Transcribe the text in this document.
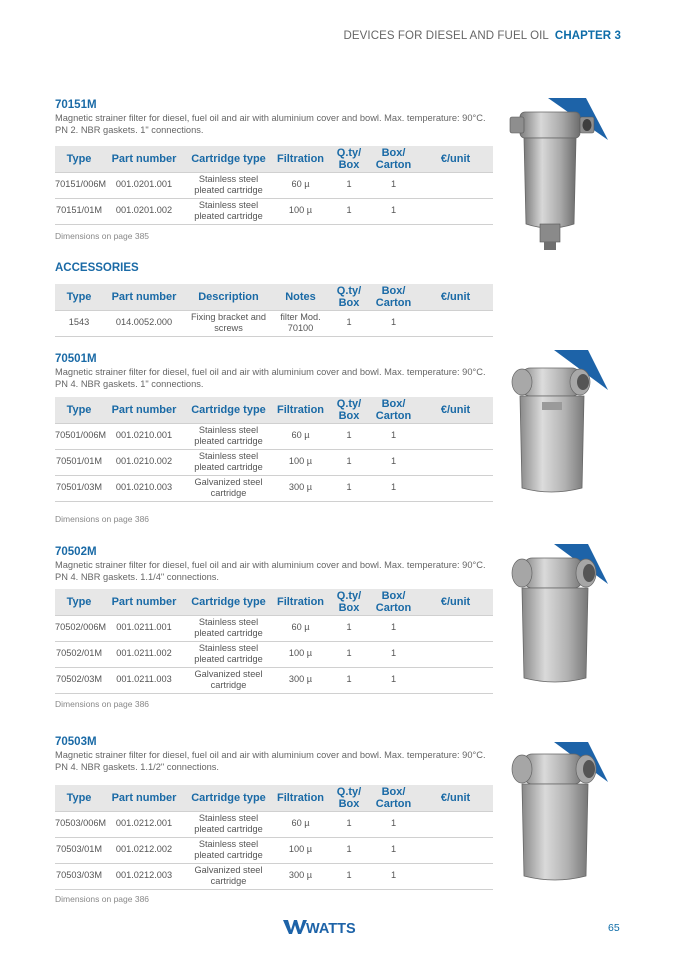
DEVICES FOR DIESEL AND FUEL OIL CHAPTER 3
70151M
Magnetic strainer filter for diesel, fuel oil and air with aluminium cover and bowl. Max. temperature: 90°C. PN 2. NBR gaskets. 1" connections.
Type	Part number	Cartridge type	Filtration	Q.ty/ Box	Box/ Carton	€/unit
70151/006M	001.0201.001	Stainless steel pleated cartridge	60 µ	1	1	
70151/01M	001.0201.002	Stainless steel pleated cartridge	100 µ	1	1	
Dimensions on page 385
ACCESSORIES
Type	Part number	Description	Notes	Q.ty/ Box	Box/ Carton	€/unit
1543	014.0052.000	Fixing bracket and screws	filter Mod. 70100	1	1	
70501M
Magnetic strainer filter for diesel, fuel oil and air with aluminium cover and bowl. Max. temperature: 90°C. PN 4. NBR gaskets. 1" connections.
Type	Part number	Cartridge type	Filtration	Q.ty/ Box	Box/ Carton	€/unit
70501/006M	001.0210.001	Stainless steel pleated cartridge	60 µ	1	1	
70501/01M	001.0210.002	Stainless steel pleated cartridge	100 µ	1	1	
70501/03M	001.0210.003	Galvanized steel cartridge	300 µ	1	1	
Dimensions on page 386
70502M
Magnetic strainer filter for diesel, fuel oil and air with aluminium cover and bowl. Max. temperature: 90°C. PN 4. NBR gaskets. 1.1/4" connections.
Type	Part number	Cartridge type	Filtration	Q.ty/ Box	Box/ Carton	€/unit
70502/006M	001.0211.001	Stainless steel pleated cartridge	60 µ	1	1	
70502/01M	001.0211.002	Stainless steel pleated cartridge	100 µ	1	1	
70502/03M	001.0211.003	Galvanized steel cartridge	300 µ	1	1	
Dimensions on page 386
70503M
Magnetic strainer filter for diesel, fuel oil and air with aluminium cover and bowl. Max. temperature: 90°C. PN 4. NBR gaskets. 1.1/2" connections.
Type	Part number	Cartridge type	Filtration	Q.ty/ Box	Box/ Carton	€/unit
70503/006M	001.0212.001	Stainless steel pleated cartridge	60 µ	1	1	
70503/01M	001.0212.002	Stainless steel pleated cartridge	100 µ	1	1	
70503/03M	001.0212.003	Galvanized steel cartridge	300 µ	1	1	
Dimensions on page 386
WATTS	65
